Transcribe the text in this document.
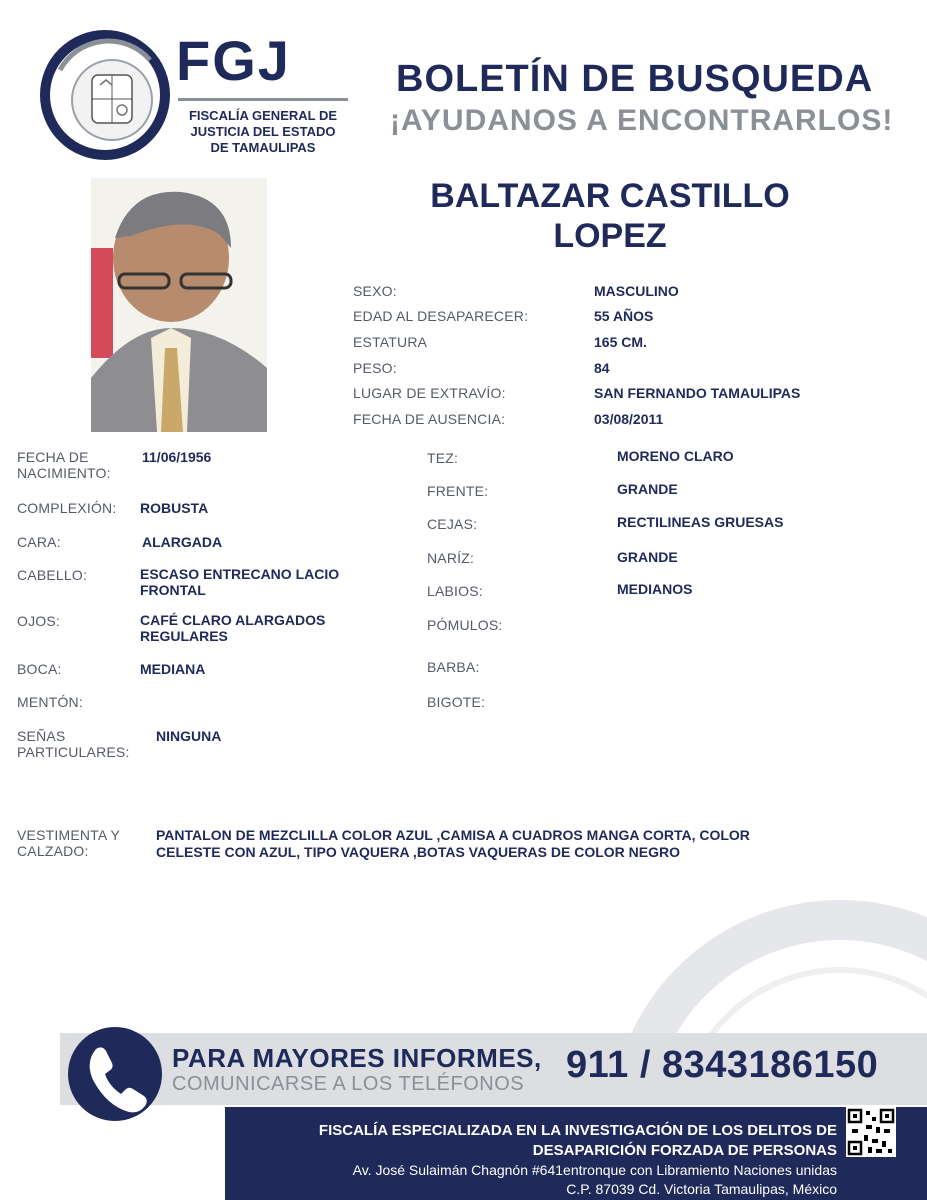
FGJ
FISCALÍA GENERAL DE
JUSTICIA DEL ESTADO
DE TAMAULIPAS
BOLETÍN DE BUSQUEDA
¡AYUDANOS A ENCONTRARLOS!
BALTAZAR CASTILLO
LOPEZ
SEXO:	MASCULINO
EDAD AL DESAPARECER:	55 AÑOS
ESTATURA	165 CM.
PESO:	84
LUGAR DE EXTRAVÍO:	SAN FERNANDO TAMAULIPAS
FECHA DE AUSENCIA:	03/08/2011
FECHA DE
NACIMIENTO:
11/06/1956
COMPLEXIÓN: ROBUSTA
CARA:	ALARGADA
CABELLO:	ESCASO ENTRECANO LACIO
FRONTAL
OJOS:	CAFÉ CLARO ALARGADOS
REGULARES
BOCA:	MEDIANA
MENTÓN:
SEÑAS
PARTICULARES:
NINGUNA
TEZ:	MORENO CLARO
FRENTE:	GRANDE
CEJAS:	RECTILINEAS GRUESAS
NARÍZ:	GRANDE
LABIOS:	MEDIANOS
PÓMULOS:
BARBA:
BIGOTE:
VESTIMENTA Y
CALZADO:
PANTALON DE MEZCLILLA COLOR AZUL ,CAMISA A CUADROS MANGA CORTA, COLOR
CELESTE CON AZUL, TIPO VAQUERA ,BOTAS VAQUERAS DE COLOR NEGRO
PARA MAYORES INFORMES,
COMUNICARSE A LOS TELÉFONOS 911 / 8343186150
FISCALÍA ESPECIALIZADA EN LA INVESTIGACIÓN DE LOS DELITOS DE
DESAPARICIÓN FORZADA DE PERSONAS
Av. José Sulaimán Chagnón #641entronque con Libramiento Naciones unidas
C.P. 87039 Cd. Victoria Tamaulipas, México
